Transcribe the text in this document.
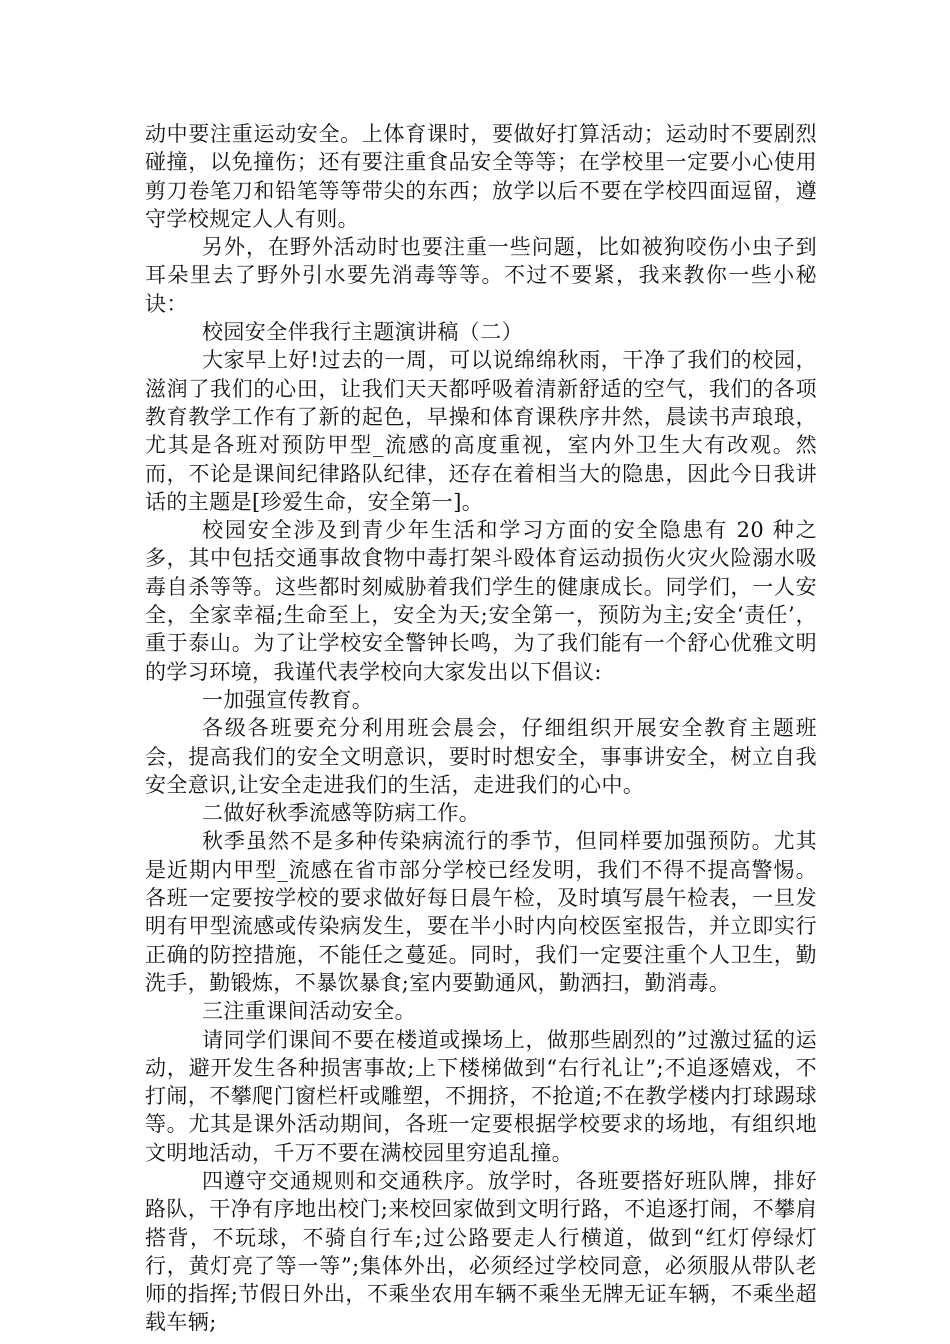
动中要注重运动安全。上体育课时，要做好打算活动；运动时不要剧烈碰撞，以免撞伤；还有要注重食品安全等等；在学校里一定要小心使用剪刀卷笔刀和铅笔等等带尖的东西；放学以后不要在学校四面逗留，遵守学校规定人人有则。

另外，在野外活动时也要注重一些问题，比如被狗咬伤小虫子到耳朵里去了野外引水要先消毒等等。不过不要紧，我来教你一些小秘诀：

校园安全伴我行主题演讲稿（二）

大家早上好!过去的一周，可以说绵绵秋雨，干净了我们的校园，滋润了我们的心田，让我们天天都呼吸着清新舒适的空气，我们的各项教育教学工作有了新的起色，早操和体育课秩序井然，晨读书声琅琅，尤其是各班对预防甲型_流感的高度重视，室内外卫生大有改观。然而，不论是课间纪律路队纪律，还存在着相当大的隐患，因此今日我讲话的主题是[珍爱生命，安全第一]。

校园安全涉及到青少年生活和学习方面的安全隐患有 20 种之多，其中包括交通事故食物中毒打架斗殴体育运动损伤火灾火险溺水吸毒自杀等等。这些都时刻威胁着我们学生的健康成长。同学们，一人安全，全家幸福;生命至上，安全为天;安全第一，预防为主;安全‘责任’，重于泰山。为了让学校安全警钟长鸣，为了我们能有一个舒心优雅文明的学习环境，我谨代表学校向大家发出以下倡议:

一加强宣传教育。

各级各班要充分利用班会晨会，仔细组织开展安全教育主题班会，提高我们的安全文明意识，要时时想安全，事事讲安全，树立自我安全意识,让安全走进我们的生活，走进我们的心中。

二做好秋季流感等防病工作。

秋季虽然不是多种传染病流行的季节，但同样要加强预防。尤其是近期内甲型_流感在省市部分学校已经发明，我们不得不提高警惕。各班一定要按学校的要求做好每日晨午检，及时填写晨午检表，一旦发明有甲型流感或传染病发生，要在半小时内向校医室报告，并立即实行正确的防控措施，不能任之蔓延。同时，我们一定要注重个人卫生，勤洗手，勤锻炼，不暴饮暴食;室内要勤通风，勤洒扫，勤消毒。

三注重课间活动安全。

请同学们课间不要在楼道或操场上，做那些剧烈的”过激过猛的运动，避开发生各种损害事故;上下楼梯做到“右行礼让”;不追逐嬉戏，不打闹，不攀爬门窗栏杆或雕塑，不拥挤，不抢道;不在教学楼内打球踢球等。尤其是课外活动期间，各班一定要根据学校要求的场地，有组织地文明地活动，千万不要在满校园里穷追乱撞。

四遵守交通规则和交通秩序。放学时，各班要搭好班队牌，排好路队，干净有序地出校门;来校回家做到文明行路，不追逐打闹，不攀肩搭背，不玩球，不骑自行车;过公路要走人行横道，做到“红灯停绿灯行，黄灯亮了等一等”;集体外出，必须经过学校同意，必须服从带队老师的指挥;节假日外出，不乘坐农用车辆不乘坐无牌无证车辆，不乘坐超载车辆;
